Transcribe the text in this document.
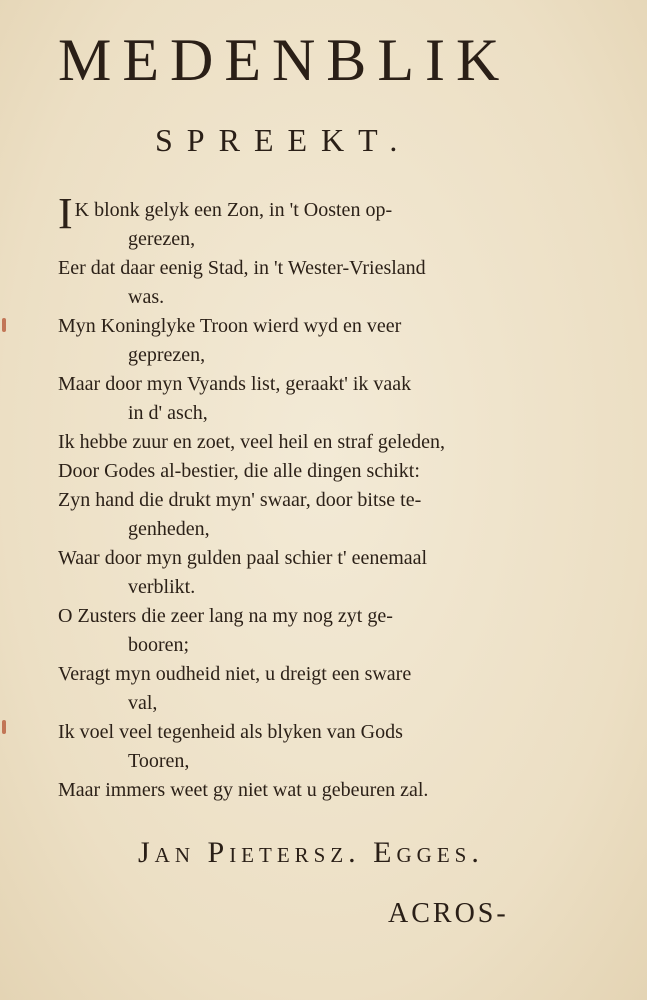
MEDENBLIK
SPREEKT.
I K blonk gelyk een Zon, in 't Oosten op-
gerezen,
Eer dat daar eenig Stad, in 't Wester-Vriesland
was.
Myn Koninglyke Troon wierd wyd en veer
geprezen,
Maar door myn Vyands list, geraakt' ik vaak
in d' asch,
Ik hebbe zuur en zoet, veel heil en straf geleden,
Door Godes al-bestier, die alle dingen schikt:
Zyn hand die drukt myn' swaar, door bitse te-
genheden,
Waar door myn gulden paal schier t' eenemaal
verblikt.
O Zusters die zeer lang na my nog zyt ge-
booren;
Veragt myn oudheid niet, u dreigt een sware
val,
Ik voel veel tegenheid als blyken van Gods
Tooren,
Maar immers weet gy niet wat u gebeuren zal.
Jan Pietersz. Egges.
ACROS-
